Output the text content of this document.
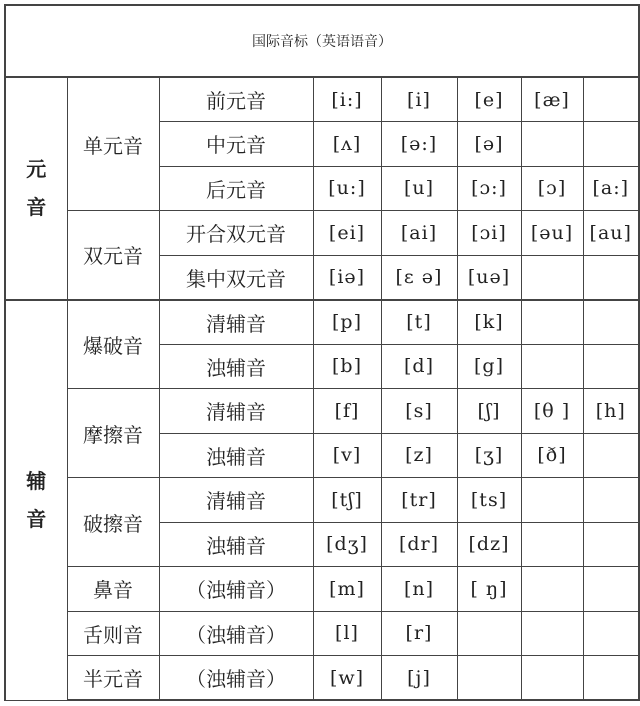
国际音标（英语语音）							

元
音	单元音	前元音	[i:]	[i]	[e]	[æ]	
		中元音	[ʌ]	[ə:]	[ə]		
		后元音	[u:]	[u]	[ɔ:]	[ɔ]	[a:]
	双元音	开合双元音	[ei]	[ai]	[ɔi]	[əu]	[au]
		集中双元音	[iə]	[ɛ ə]	[uə]		

辅
音	爆破音	清辅音	[p]	[t]	[k]		
		浊辅音	[b]	[d]	[g]		
	摩擦音	清辅音	[f]	[s]	[ʃ]	[θ ]	[h]
		浊辅音	[v]	[z]	[ʒ]	[ð]	
	破擦音	清辅音	[tʃ]	[tr]	[ts]		
		浊辅音	[dʒ]	[dr]	[dz]		
	鼻音	（浊辅音）	[m]	[n]	[ ŋ]		
	舌则音	（浊辅音）	[l]	[r]			
	半元音	（浊辅音）	[w]	[j]			
